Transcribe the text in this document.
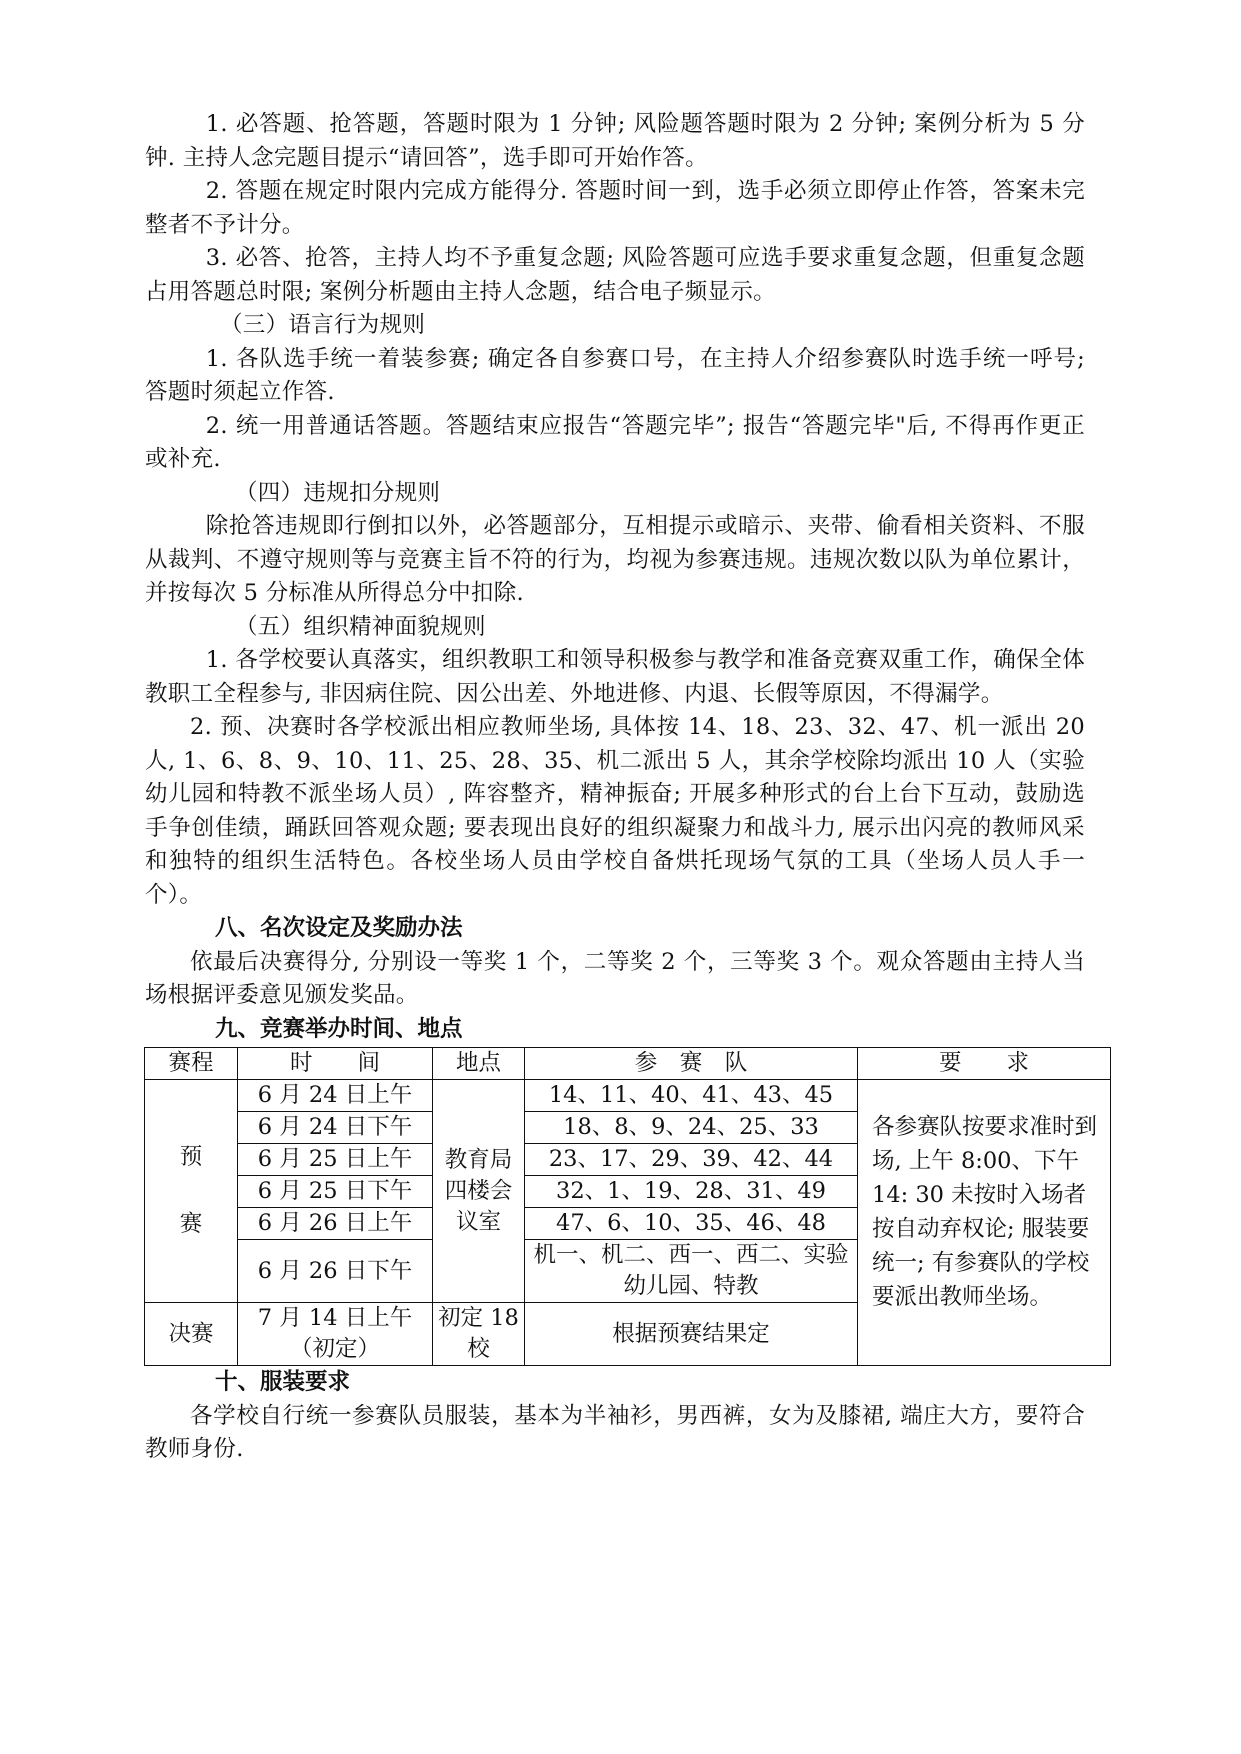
1. 必答题、抢答题，答题时限为 1 分钟; 风险题答题时限为 2 分钟; 案例分析为 5 分钟. 主持人念完题目提示“请回答”，选手即可开始作答。

2. 答题在规定时限内完成方能得分. 答题时间一到，选手必须立即停止作答，答案未完整者不予计分。

3. 必答、抢答，主持人均不予重复念题; 风险答题可应选手要求重复念题，但重复念题占用答题总时限; 案例分析题由主持人念题，结合电子频显示。

（三）语言行为规则

1. 各队选手统一着装参赛; 确定各自参赛口号，在主持人介绍参赛队时选手统一呼号; 答题时须起立作答.

2. 统一用普通话答题。答题结束应报告“答题完毕”; 报告“答题完毕"后, 不得再作更正或补充.

（四）违规扣分规则

除抢答违规即行倒扣以外，必答题部分，互相提示或暗示、夹带、偷看相关资料、不服从裁判、不遵守规则等与竞赛主旨不符的行为，均视为参赛违规。违规次数以队为单位累计，并按每次 5 分标准从所得总分中扣除.

（五）组织精神面貌规则

1. 各学校要认真落实，组织教职工和领导积极参与教学和准备竞赛双重工作，确保全体教职工全程参与, 非因病住院、因公出差、外地进修、内退、长假等原因，不得漏学。

2. 预、决赛时各学校派出相应教师坐场, 具体按 14、18、23、32、47、机一派出 20 人, 1、6、8、9、10、11、25、28、35、机二派出 5 人，其余学校除均派出 10 人（实验幼儿园和特教不派坐场人员）, 阵容整齐，精神振奋; 开展多种形式的台上台下互动，鼓励选手争创佳绩，踊跃回答观众题; 要表现出良好的组织凝聚力和战斗力, 展示出闪亮的教师风采和独特的组织生活特色。各校坐场人员由学校自备烘托现场气氛的工具（坐场人员人手一个）。

八、名次设定及奖励办法

依最后决赛得分, 分别设一等奖 1 个，二等奖 2 个，三等奖 3 个。观众答题由主持人当场根据评委意见颁发奖品。

九、竞赛举办时间、地点
赛程	时　　间	地点	参　赛　队	要　　求

预
赛	6 月 24 日上午	教育局四楼会议室	14、11、40、41、43、45	各参赛队按要求准时到场, 上午 8:00、下午 14: 30 未按时入场者按自动弃权论; 服装要统一; 有参赛队的学校要派出教师坐场。
	6 月 24 日下午		18、8、9、24、25、33	
	6 月 25 日上午		23、17、29、39、42、44	
	6 月 25 日下午		32、1、19、28、31、49	
	6 月 26 日上午		47、6、10、35、46、48	
	6 月 26 日下午		机一、机二、西一、西二、实验幼儿园、特教	
决赛	7 月 14 日上午（初定）	初定 18 校	根据预赛结果定	
十、服装要求

各学校自行统一参赛队员服装，基本为半袖衫，男西裤，女为及膝裙, 端庄大方，要符合教师身份.
